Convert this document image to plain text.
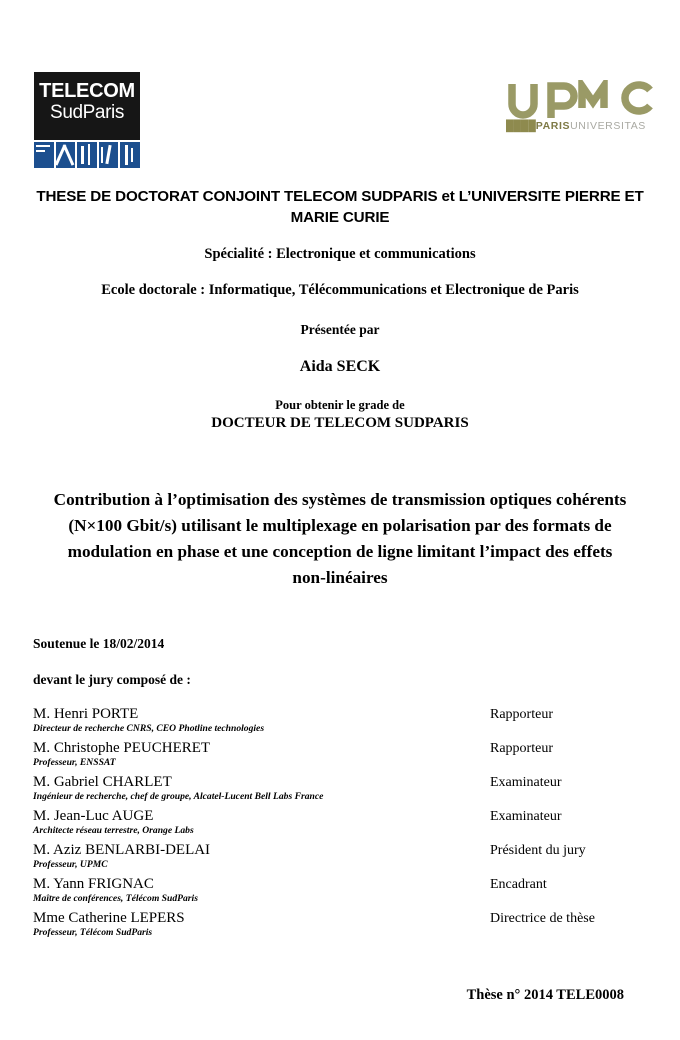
TELECOM
SudParis
████PARISUNIVERSITAS
THESE DE DOCTORAT CONJOINT TELECOM SUDPARIS et L’UNIVERSITE PIERRE ET MARIE CURIE
Spécialité : Electronique et communications
Ecole doctorale : Informatique, Télécommunications et Electronique de Paris
Présentée par
Aida SECK
Pour obtenir le grade de
DOCTEUR DE TELECOM SUDPARIS
Contribution à l’optimisation des systèmes de transmission optiques cohérents (N×100 Gbit/s) utilisant le multiplexage en polarisation par des formats de modulation en phase et une conception de ligne limitant l’impact des effets non-linéaires
Soutenue le 18/02/2014
devant le jury composé de :
M. Henri PORTE
Directeur de recherche CNRS, CEO Photline technologies
Rapporteur
M. Christophe PEUCHERET
Professeur, ENSSAT
Rapporteur
M. Gabriel CHARLET
Ingénieur de recherche, chef de groupe, Alcatel-Lucent Bell Labs France
Examinateur
M. Jean-Luc AUGE
Architecte réseau terrestre, Orange Labs
Examinateur
M. Aziz BENLARBI-DELAI
Professeur, UPMC
Président du jury
M. Yann FRIGNAC
Maître de conférences, Télécom SudParis
Encadrant
Mme Catherine LEPERS
Professeur, Télécom SudParis
Directrice de thèse
Thèse n° 2014 TELE0008
